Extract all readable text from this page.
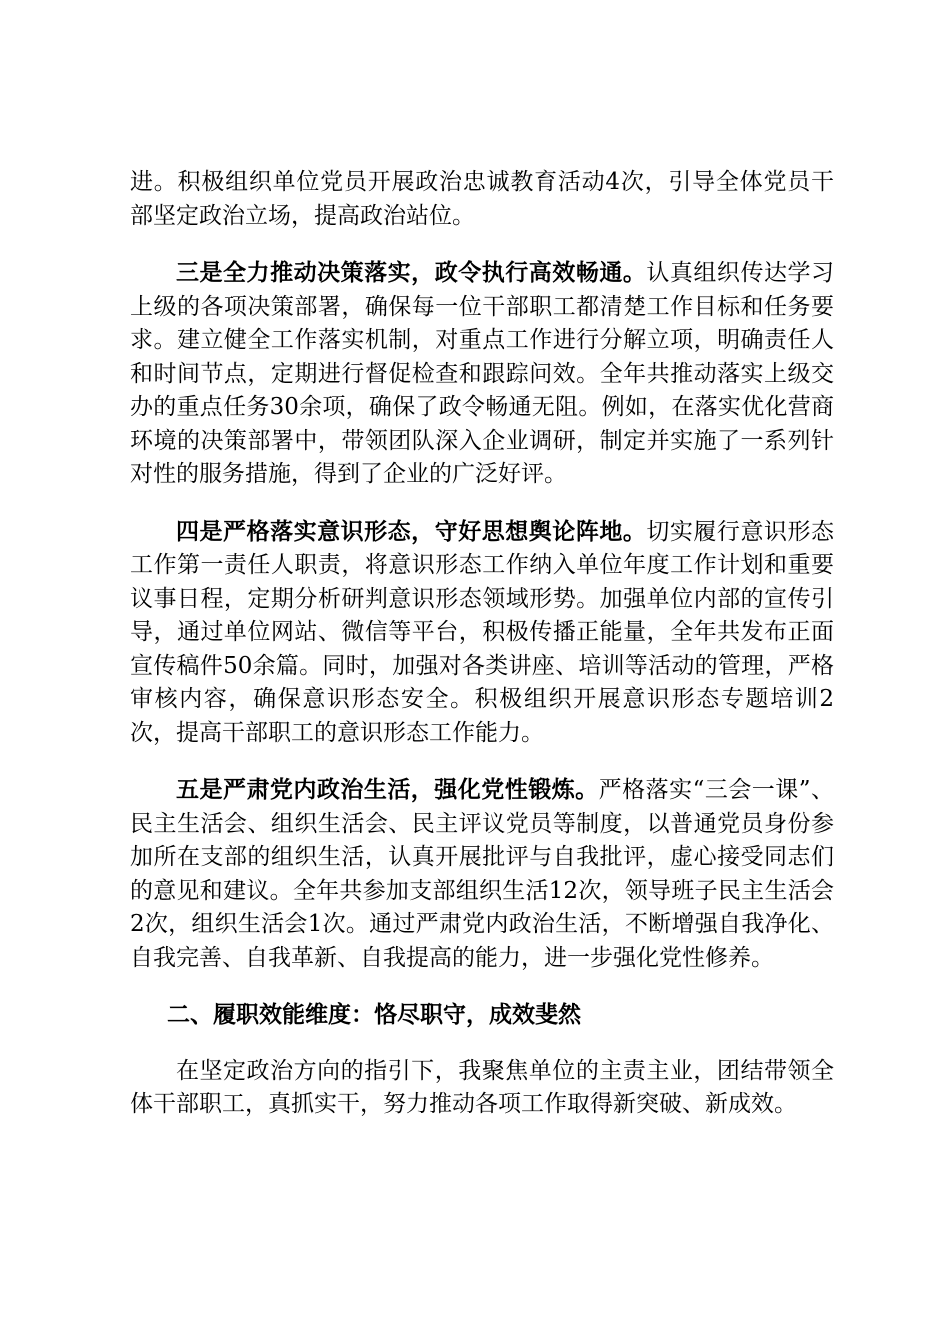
进。积极组织单位党员开展政治忠诚教育活动4次，引导全体党员干部坚定政治立场，提高政治站位。

三是全力推动决策落实，政令执行高效畅通。认真组织传达学习上级的各项决策部署，确保每一位干部职工都清楚工作目标和任务要求。建立健全工作落实机制，对重点工作进行分解立项，明确责任人和时间节点，定期进行督促检查和跟踪问效。全年共推动落实上级交办的重点任务30余项，确保了政令畅通无阻。例如，在落实优化营商环境的决策部署中，带领团队深入企业调研，制定并实施了一系列针对性的服务措施，得到了企业的广泛好评。

四是严格落实意识形态，守好思想舆论阵地。切实履行意识形态工作第一责任人职责，将意识形态工作纳入单位年度工作计划和重要议事日程，定期分析研判意识形态领域形势。加强单位内部的宣传引导，通过单位网站、微信等平台，积极传播正能量，全年共发布正面宣传稿件50余篇。同时，加强对各类讲座、培训等活动的管理，严格审核内容，确保意识形态安全。积极组织开展意识形态专题培训2次，提高干部职工的意识形态工作能力。

五是严肃党内政治生活，强化党性锻炼。严格落实“三会一课”、民主生活会、组织生活会、民主评议党员等制度，以普通党员身份参加所在支部的组织生活，认真开展批评与自我批评，虚心接受同志们的意见和建议。全年共参加支部组织生活12次，领导班子民主生活会2次，组织生活会1次。通过严肃党内政治生活，不断增强自我净化、自我完善、自我革新、自我提高的能力，进一步强化党性修养。

二、履职效能维度：恪尽职守，成效斐然

在坚定政治方向的指引下，我聚焦单位的主责主业，团结带领全体干部职工，真抓实干，努力推动各项工作取得新突破、新成效。
